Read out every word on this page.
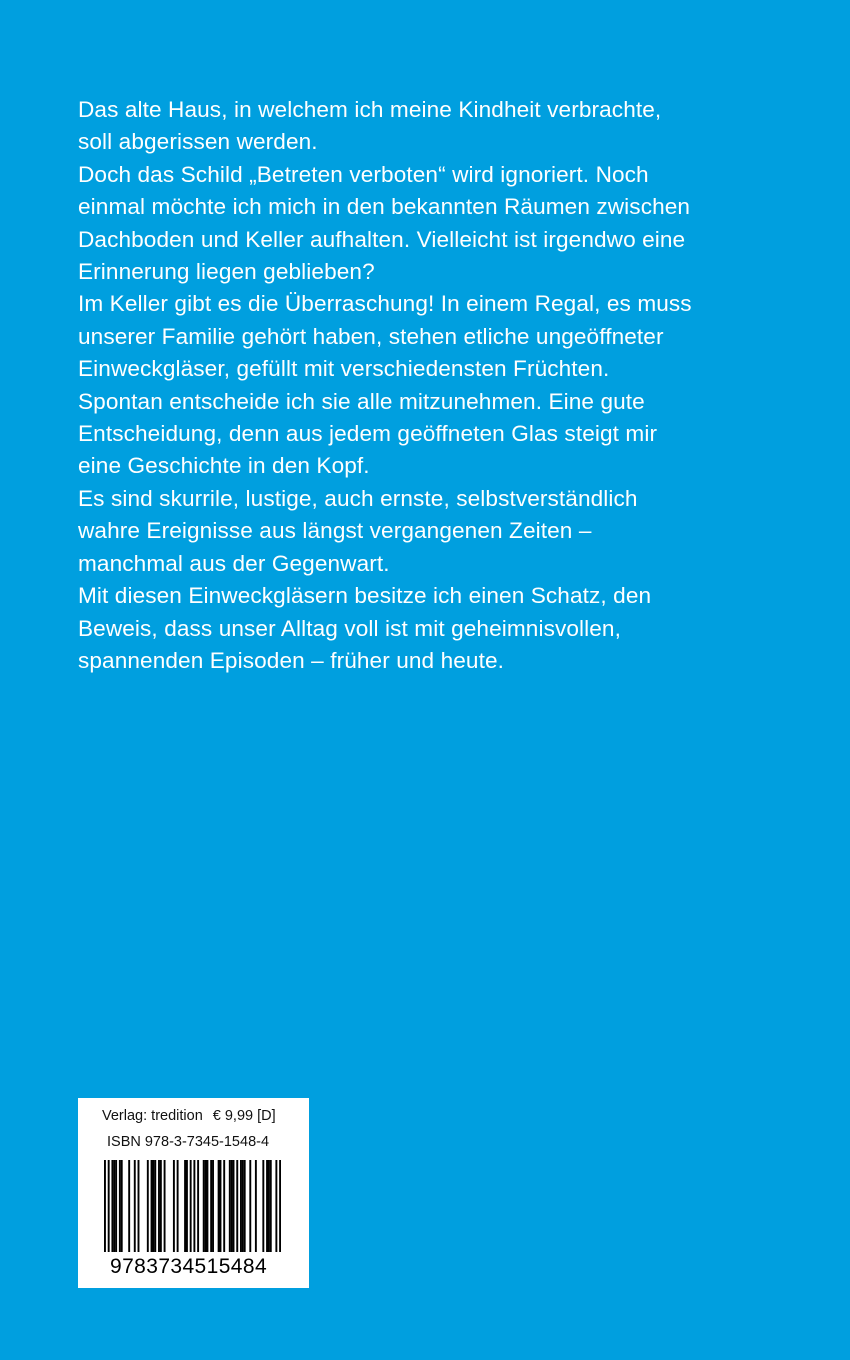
Das alte Haus, in welchem ich meine Kindheit verbrachte,
soll abgerissen werden.
Doch das Schild „Betreten verboten“ wird ignoriert. Noch
einmal möchte ich mich in den bekannten Räumen zwischen
Dachboden und Keller aufhalten. Vielleicht ist irgendwo eine
Erinnerung liegen geblieben?
Im Keller gibt es die Überraschung! In einem Regal, es muss
unserer Familie gehört haben, stehen etliche ungeöffneter
Einweckgläser, gefüllt mit verschiedensten Früchten.
Spontan entscheide ich sie alle mitzunehmen. Eine gute
Entscheidung, denn aus jedem geöffneten Glas steigt mir
eine Geschichte in den Kopf.
Es sind skurrile, lustige, auch ernste, selbstverständlich
wahre Ereignisse aus längst vergangenen Zeiten –
manchmal aus der Gegenwart.
Mit diesen Einweckgläsern besitze ich einen Schatz, den
Beweis, dass unser Alltag voll ist mit geheimnisvollen,
spannenden Episoden – früher und heute.
Verlag: tredition € 9,99 [D]
ISBN 978-3-7345-1548-4
9783734515484
